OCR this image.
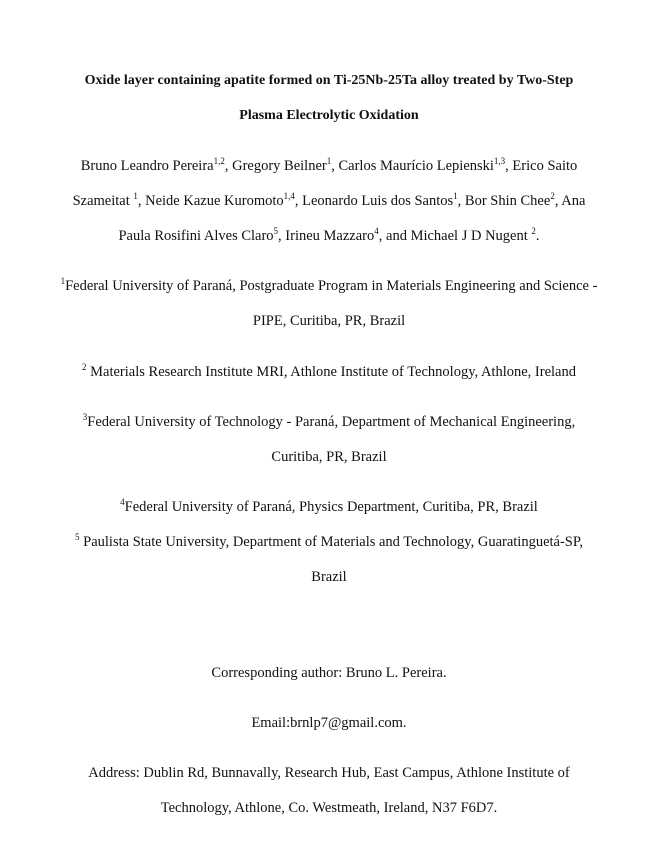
Oxide layer containing apatite formed on Ti-25Nb-25Ta alloy treated by Two-Step
Plasma Electrolytic Oxidation
Bruno Leandro Pereira$^{1,2}$, Gregory Beilner$^1$, Carlos Maurício Lepienski$^{1,3}$, Erico Saito
Szameitat $^1$, Neide Kazue Kuromoto$^{1,4}$, Leonardo Luis dos Santos$^1$, Bor Shin Chee$^2$, Ana
Paula Rosifini Alves Claro$^5$, Irineu Mazzaro$^4$, and Michael J D Nugent $^2$.
$^1$Federal University of Paraná, Postgraduate Program in Materials Engineering and Science -
PIPE, Curitiba, PR, Brazil
$^2$ Materials Research Institute MRI, Athlone Institute of Technology, Athlone, Ireland
$^3$Federal University of Technology - Paraná, Department of Mechanical Engineering,
Curitiba, PR, Brazil
$^4$Federal University of Paraná, Physics Department, Curitiba, PR, Brazil
$^5$ Paulista State University, Department of Materials and Technology, Guaratinguetá-SP,
Brazil
Corresponding author: Bruno L. Pereira.
Email:brnlp7@gmail.com.
Address: Dublin Rd, Bunnavally, Research Hub, East Campus, Athlone Institute of
Technology, Athlone, Co. Westmeath, Ireland, N37 F6D7.
